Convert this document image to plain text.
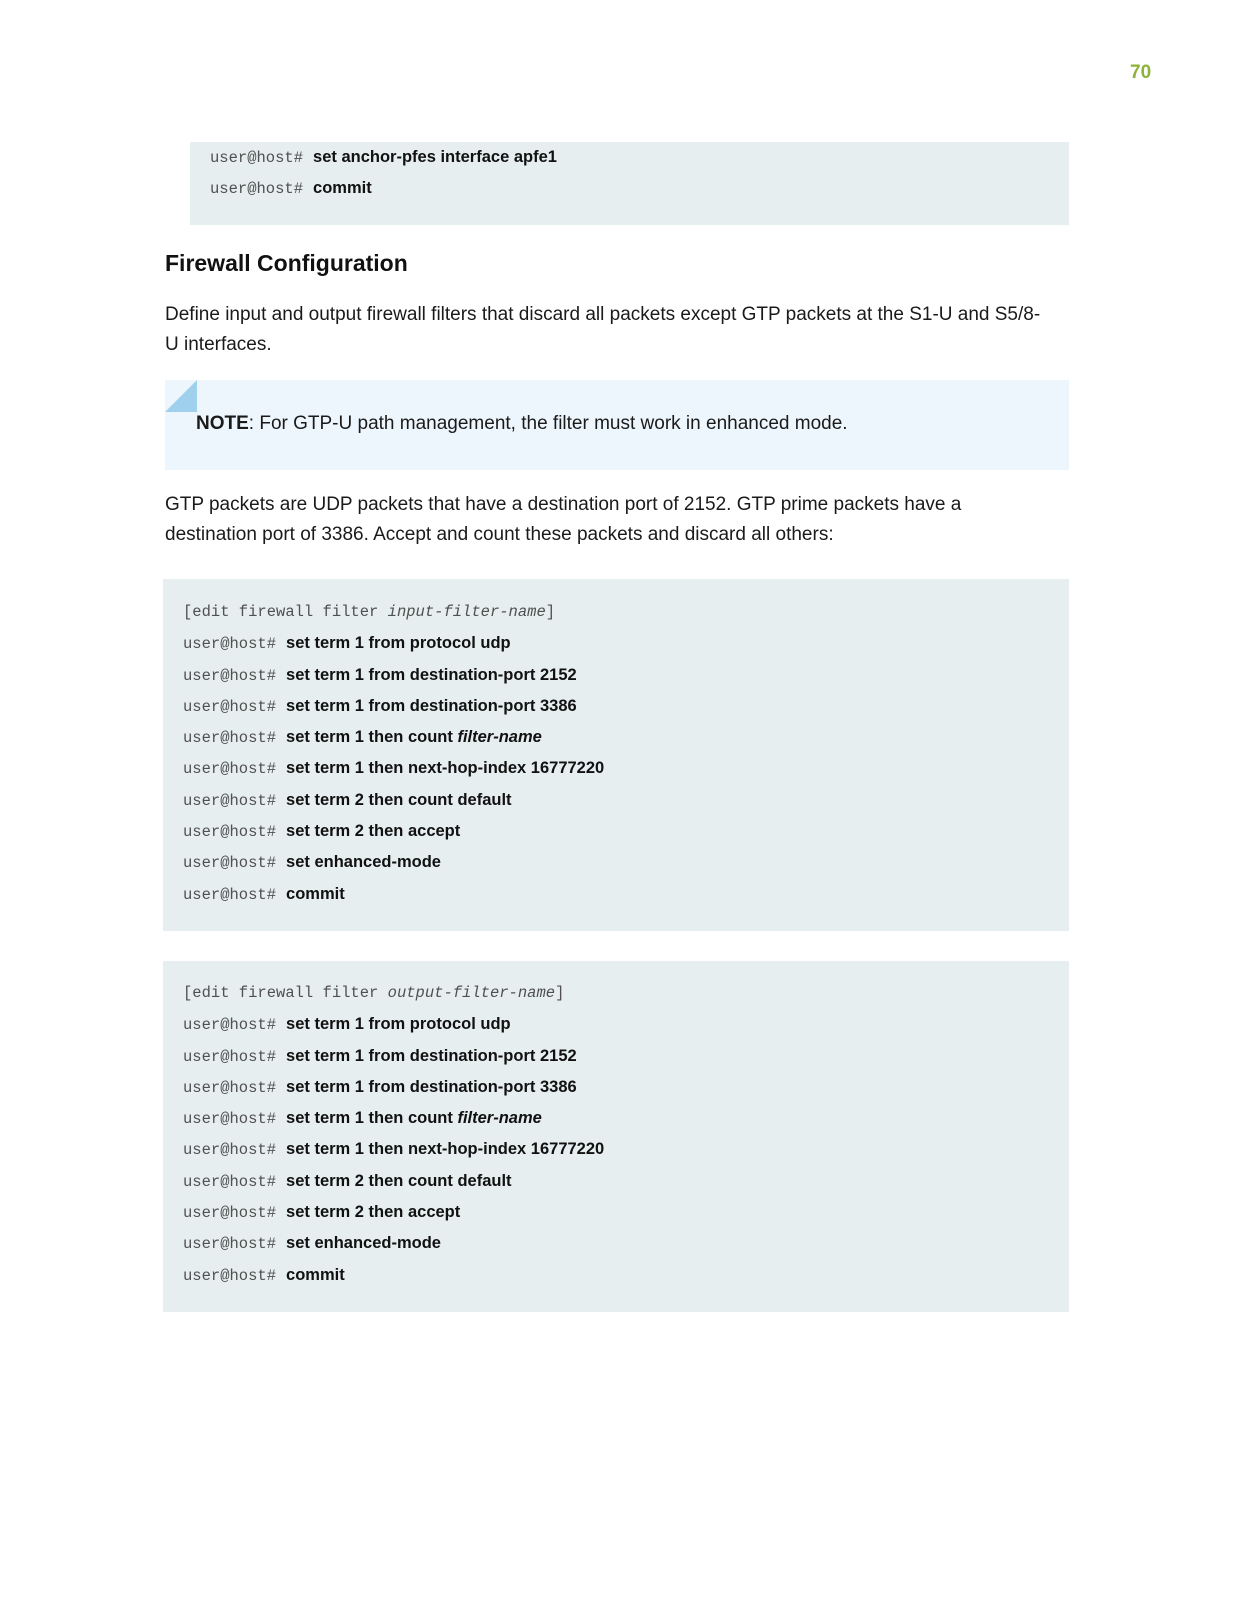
70
user@host# set anchor-pfes interface apfe1
user@host# commit
Firewall Configuration
Define input and output firewall filters that discard all packets except GTP packets at the S1-U and S5/8-U interfaces.
NOTE: For GTP-U path management, the filter must work in enhanced mode.
GTP packets are UDP packets that have a destination port of 2152. GTP prime packets have a destination port of 3386. Accept and count these packets and discard all others:
[edit firewall filter input-filter-name]
user@host# set term 1 from protocol udp
user@host# set term 1 from destination-port 2152
user@host# set term 1 from destination-port 3386
user@host# set term 1 then count filter-name
user@host# set term 1 then next-hop-index 16777220
user@host# set term 2 then count default
user@host# set term 2 then accept
user@host# set enhanced-mode
user@host# commit
[edit firewall filter output-filter-name]
user@host# set term 1 from protocol udp
user@host# set term 1 from destination-port 2152
user@host# set term 1 from destination-port 3386
user@host# set term 1 then count filter-name
user@host# set term 1 then next-hop-index 16777220
user@host# set term 2 then count default
user@host# set term 2 then accept
user@host# set enhanced-mode
user@host# commit
